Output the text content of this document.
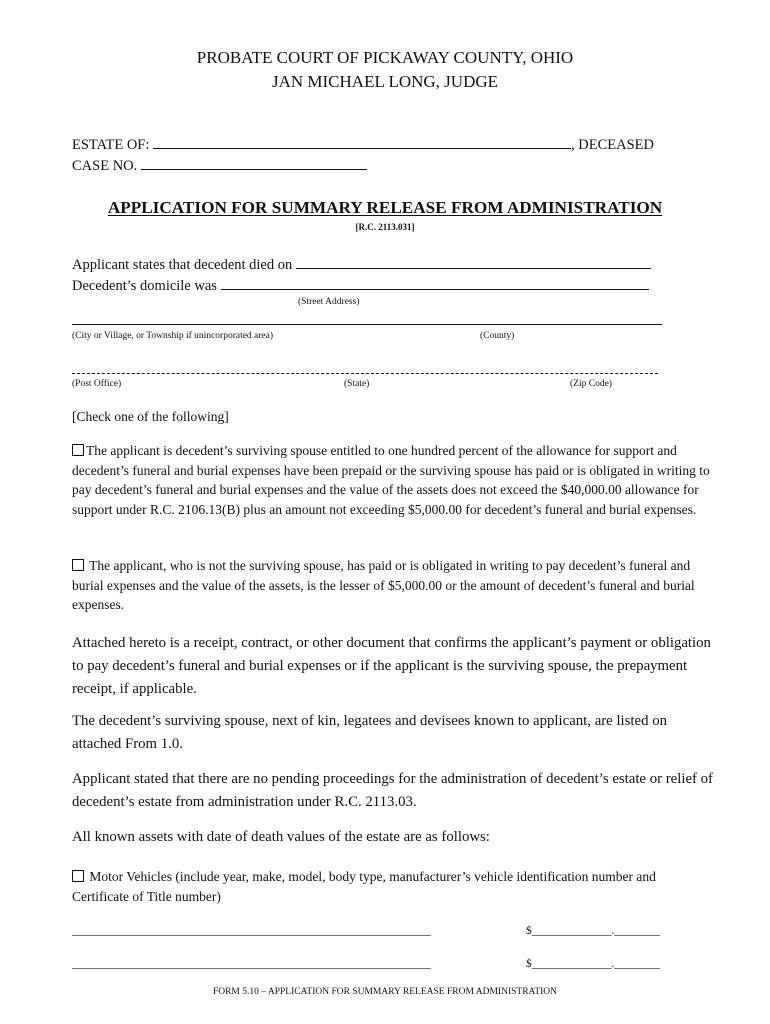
PROBATE COURT OF PICKAWAY COUNTY, OHIO
JAN MICHAEL LONG, JUDGE
ESTATE OF:	, DECEASED
CASE NO.
APPLICATION FOR SUMMARY RELEASE FROM ADMINISTRATION
[R.C. 2113.031]
Applicant states that decedent died on
Decedent’s domicile was
(Street Address)
(City or Village, or Township if unincorporated area)	(County)
(Post Office)	(State)	(Zip Code)
[Check one of the following]
The applicant is decedent’s surviving spouse entitled to one hundred percent of the allowance for support and decedent’s funeral and burial expenses have been prepaid or the surviving spouse has paid or is obligated in writing to pay decedent’s funeral and burial expenses and the value of the assets does not exceed the $40,000.00 allowance for support under R.C. 2106.13(B) plus an amount not exceeding $5,000.00 for decedent’s funeral and burial expenses.
The applicant, who is not the surviving spouse, has paid or is obligated in writing to pay decedent’s funeral and burial expenses and the value of the assets, is the lesser of $5,000.00 or the amount of decedent’s funeral and burial expenses.
Attached hereto is a receipt, contract, or other document that confirms the applicant’s payment or obligation to pay decedent’s funeral and burial expenses or if the applicant is the surviving spouse, the prepayment receipt, if applicable.
The decedent’s surviving spouse, next of kin, legatees and devisees known to applicant, are listed on attached From 1.0.
Applicant stated that there are no pending proceedings for the administration of decedent’s estate or relief of decedent’s estate from administration under R.C. 2113.03.
All known assets with date of death values of the estate are as follows:
Motor Vehicles (include year, make, model, body type, manufacturer’s vehicle identification number and Certificate of Title number)
_______________________________________________________________	$______________.________
_______________________________________________________________	$______________.________
FORM 5.10 – APPLICATION FOR SUMMARY RELEASE FROM ADMINISTRATION
